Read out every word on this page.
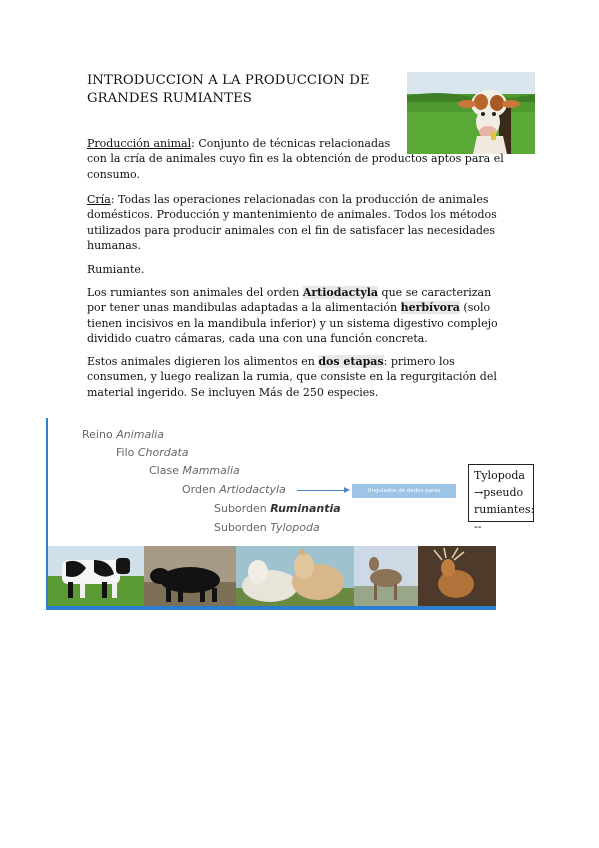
INTRODUCCION A LA PRODUCCION DE
GRANDES RUMIANTES
Producción animal: Conjunto de técnicas relacionadas
con la cría de animales cuyo fin es la obtención de productos aptos para el consumo.
Cría: Todas las operaciones relacionadas con la producción de animales domésticos. Producción y mantenimiento de animales. Todos los métodos utilizados para producir animales con el fin de satisfacer las necesidades humanas.
Rumiante.
Los rumiantes son animales del orden Artiodactyla que se caracterizan por tener unas mandibulas adaptadas a la alimentación herbívora (solo tienen incisivos en la mandibula inferior) y un sistema digestivo complejo dividido cuatro cámaras, cada una con una función concreta.
Estos animales digieren los alimentos en dos etapas: primero los consumen, y luego realizan la rumia, que consiste en la regurgitación del material ingerido. Se incluyen Más de 250 especies.
Reino Animalia
Filo Chordata
Clase Mammalia
Orden Artiodactyla	Ungulados de dedos pares
Suborden Ruminantia
Suborden Tylopoda
Tylopoda
→pseudo
rumiantes:
--
